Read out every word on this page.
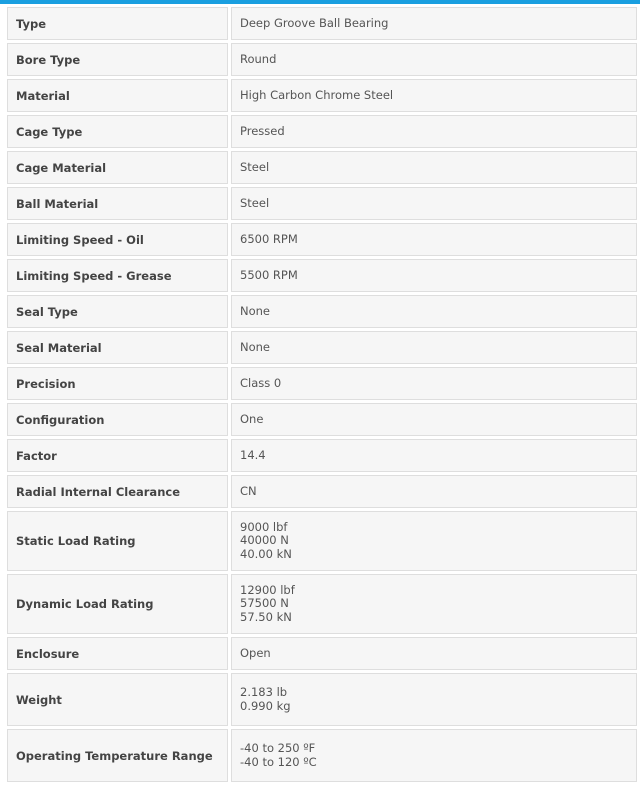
Type	Deep Groove Ball Bearing

Bore Type	Round

Material	High Carbon Chrome Steel

Cage Type	Pressed

Cage Material	Steel

Ball Material	Steel

Limiting Speed - Oil	6500 RPM

Limiting Speed - Grease	5500 RPM

Seal Type	None

Seal Material	None

Precision	Class 0

Configuration	One

Factor	14.4

Radial Internal Clearance	CN

Static Load Rating	9000 lbf
40000 N
40.00 kN

Dynamic Load Rating	12900 lbf
57500 N
57.50 kN

Enclosure	Open

Weight	2.183 lb
0.990 kg

Operating Temperature Range	-40 to 250 ºF
-40 to 120 ºC
